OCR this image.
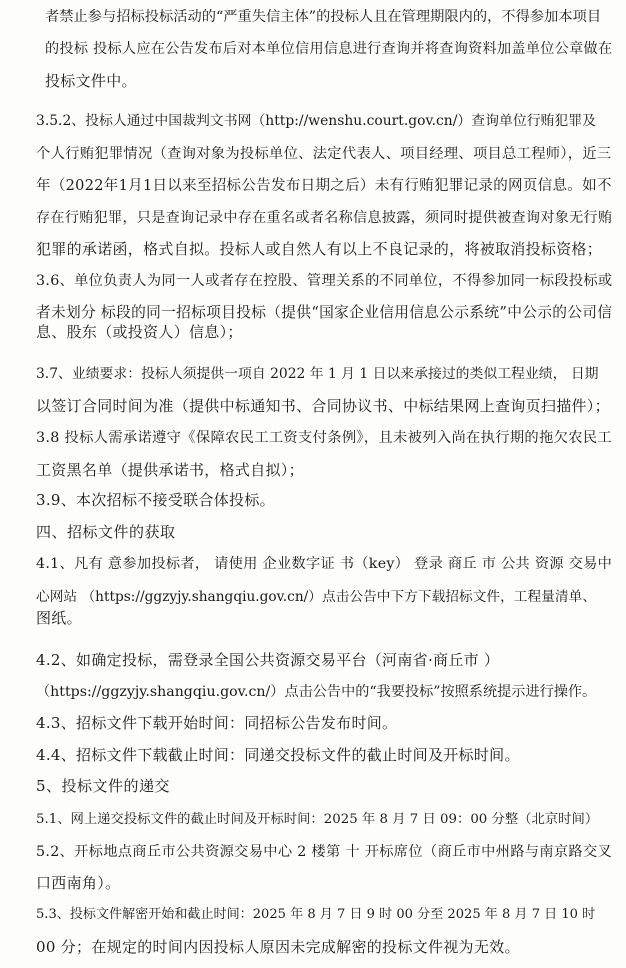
者禁止参与招标投标活动的“严重失信主体”的投标人且在管理期限内的，不得参加本项目
的投标 投标人应在公告发布后对本单位信用信息进行查询并将查询资料加盖单位公章做在
投标文件中。
3.5.2、投标人通过中国裁判文书网（http://wenshu.court.gov.cn/）查询单位行贿犯罪及
个人行贿犯罪情况（查询对象为投标单位、法定代表人、项目经理、项目总工程师），近三
年（2022年1月1日以来至招标公告发布日期之后）未有行贿犯罪记录的网页信息。如不
存在行贿犯罪，只是查询记录中存在重名或者名称信息披露，须同时提供被查询对象无行贿
犯罪的承诺函，格式自拟。投标人或自然人有以上不良记录的，将被取消投标资格；
3.6、单位负责人为同一人或者存在控股、管理关系的不同单位，不得参加同一标段投标或
者未划分 标段的同一招标项目投标（提供“国家企业信用信息公示系统”中公示的公司信
息、股东（或投资人）信息）；
3.7、业绩要求：投标人须提供一项自 2022 年 1 月 1 日以来承接过的类似工程业绩， 日期
以签订合同时间为准（提供中标通知书、合同协议书、中标结果网上查询页扫描件）；
3.8 投标人需承诺遵守《保障农民工工资支付条例》，且未被列入尚在执行期的拖欠农民工
工资黑名单（提供承诺书，格式自拟）；
3.9、本次招标不接受联合体投标。
四、招标文件的获取
4.1、凡有 意参加投标者， 请使用 企业数字证 书（key） 登录 商丘 市 公共 资源 交易中
心网站 （https://ggzyjy.shangqiu.gov.cn/）点击公告中下方下载招标文件，工程量清单、
图纸。
4.2、如确定投标，需登录全国公共资源交易平台（河南省·商丘市 ）
（https://ggzyjy.shangqiu.gov.cn/）点击公告中的“我要投标”按照系统提示进行操作。
4.3、招标文件下载开始时间：同招标公告发布时间。
4.4、招标文件下载截止时间：同递交投标文件的截止时间及开标时间。
5、投标文件的递交
5.1、网上递交投标文件的截止时间及开标时间：2025 年 8 月 7 日 09：00 分整（北京时间）
5.2、开标地点商丘市公共资源交易中心 2 楼第 十 开标席位（商丘市中州路与南京路交叉
口西南角）。
5.3、投标文件解密开始和截止时间：2025 年 8 月 7 日 9 时 00 分至 2025 年 8 月 7 日 10 时
00 分；在规定的时间内因投标人原因未完成解密的投标文件视为无效。
